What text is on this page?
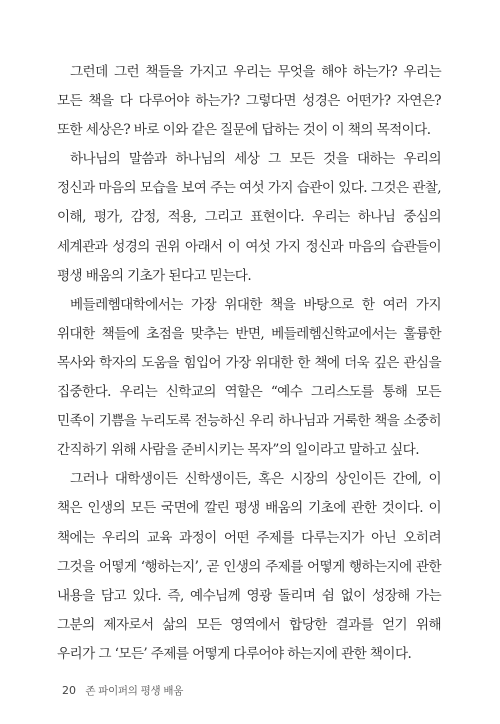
그런데 그런 책들을 가지고 우리는 무엇을 해야 하는가? 우리는 모든 책을 다 다루어야 하는가? 그렇다면 성경은 어떤가? 자연은? 또한 세상은? 바로 이와 같은 질문에 답하는 것이 이 책의 목적이다.

하나님의 말씀과 하나님의 세상 그 모든 것을 대하는 우리의 정신과 마음의 모습을 보여 주는 여섯 가지 습관이 있다. 그것은 관찰, 이해, 평가, 감정, 적용, 그리고 표현이다. 우리는 하나님 중심의 세계관과 성경의 권위 아래서 이 여섯 가지 정신과 마음의 습관들이 평생 배움의 기초가 된다고 믿는다.

베들레헴대학에서는 가장 위대한 책을 바탕으로 한 여러 가지 위대한 책들에 초점을 맞추는 반면, 베들레헴신학교에서는 훌륭한 목사와 학자의 도움을 힘입어 가장 위대한 한 책에 더욱 깊은 관심을 집중한다. 우리는 신학교의 역할은 “예수 그리스도를 통해 모든 민족이 기쁨을 누리도록 전능하신 우리 하나님과 거룩한 책을 소중히 간직하기 위해 사람을 준비시키는 목자”의 일이라고 말하고 싶다.

그러나 대학생이든 신학생이든, 혹은 시장의 상인이든 간에, 이 책은 인생의 모든 국면에 깔린 평생 배움의 기초에 관한 것이다. 이 책에는 우리의 교육 과정이 어떤 주제를 다루는지가 아닌 오히려 그것을 어떻게 ‘행하는지’, 곧 인생의 주제를 어떻게 행하는지에 관한 내용을 담고 있다. 즉, 예수님께 영광 돌리며 쉼 없이 성장해 가는 그분의 제자로서 삶의 모든 영역에서 합당한 결과를 얻기 위해 우리가 그 ‘모든’ 주제를 어떻게 다루어야 하는지에 관한 책이다.

20 존 파이퍼의 평생 배움
